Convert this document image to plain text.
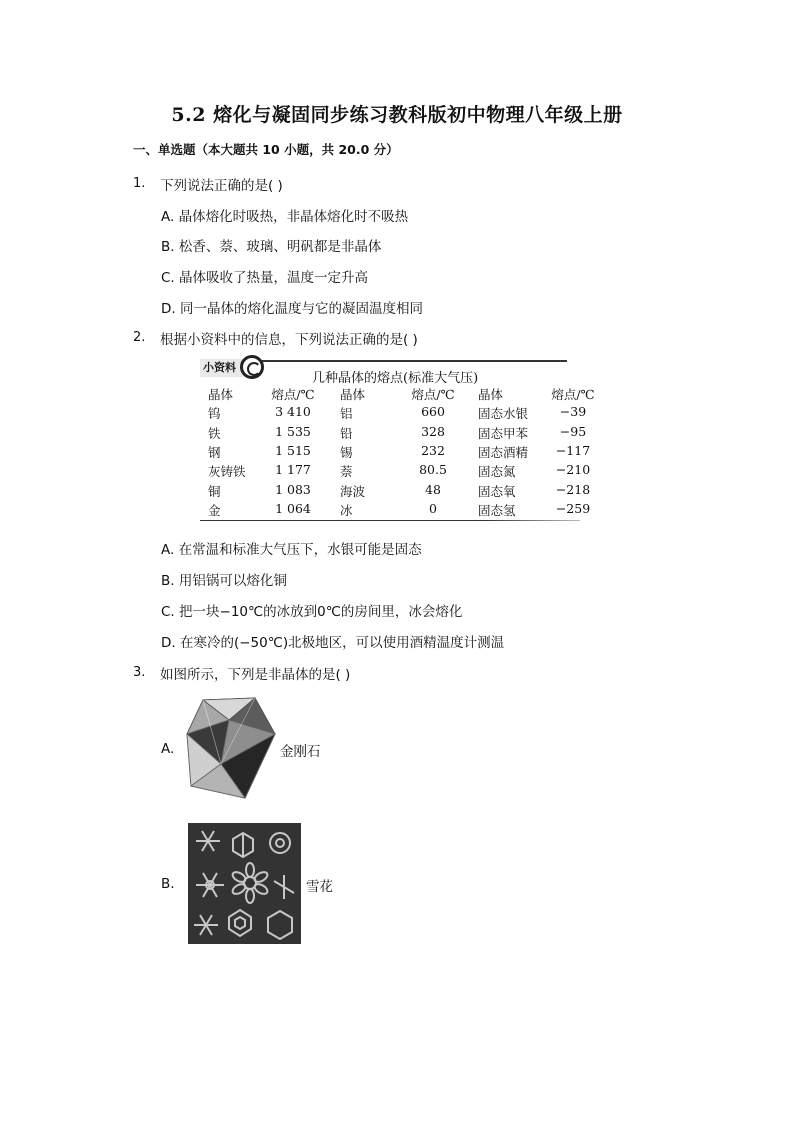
5.2 熔化与凝固同步练习教科版初中物理八年级上册
一、单选题（本大题共 10 小题，共 20.0 分）
1. 下列说法正确的是( )
A. 晶体熔化时吸热，非晶体熔化时不吸热
B. 松香、萘、玻璃、明矾都是非晶体
C. 晶体吸收了热量，温度一定升高
D. 同一晶体的熔化温度与它的凝固温度相同
2. 根据小资料中的信息，下列说法正确的是( )
小资料
几种晶体的熔点(标准大气压)
晶体	熔点/℃ 晶体	熔点/℃ 晶体	熔点/℃
钨	3 410	铝	660	固态水银	−39
铁	1 535	铅	328	固态甲苯	−95
钢	1 515	锡	232	固态酒精	−117
灰铸铁	1 177	萘	80.5	固态氮	−210
铜	1 083	海波	48	固态氧	−218
金	1 064	冰	0	固态氢	−259
A. 在常温和标准大气压下，水银可能是固态
B. 用铝锅可以熔化铜
C. 把一块−10℃的冰放到0℃的房间里，冰会熔化
D. 在寒冷的(−50℃)北极地区，可以使用酒精温度计测温
3. 如图所示，下列是非晶体的是( )
A.	金刚石
B.	雪花
